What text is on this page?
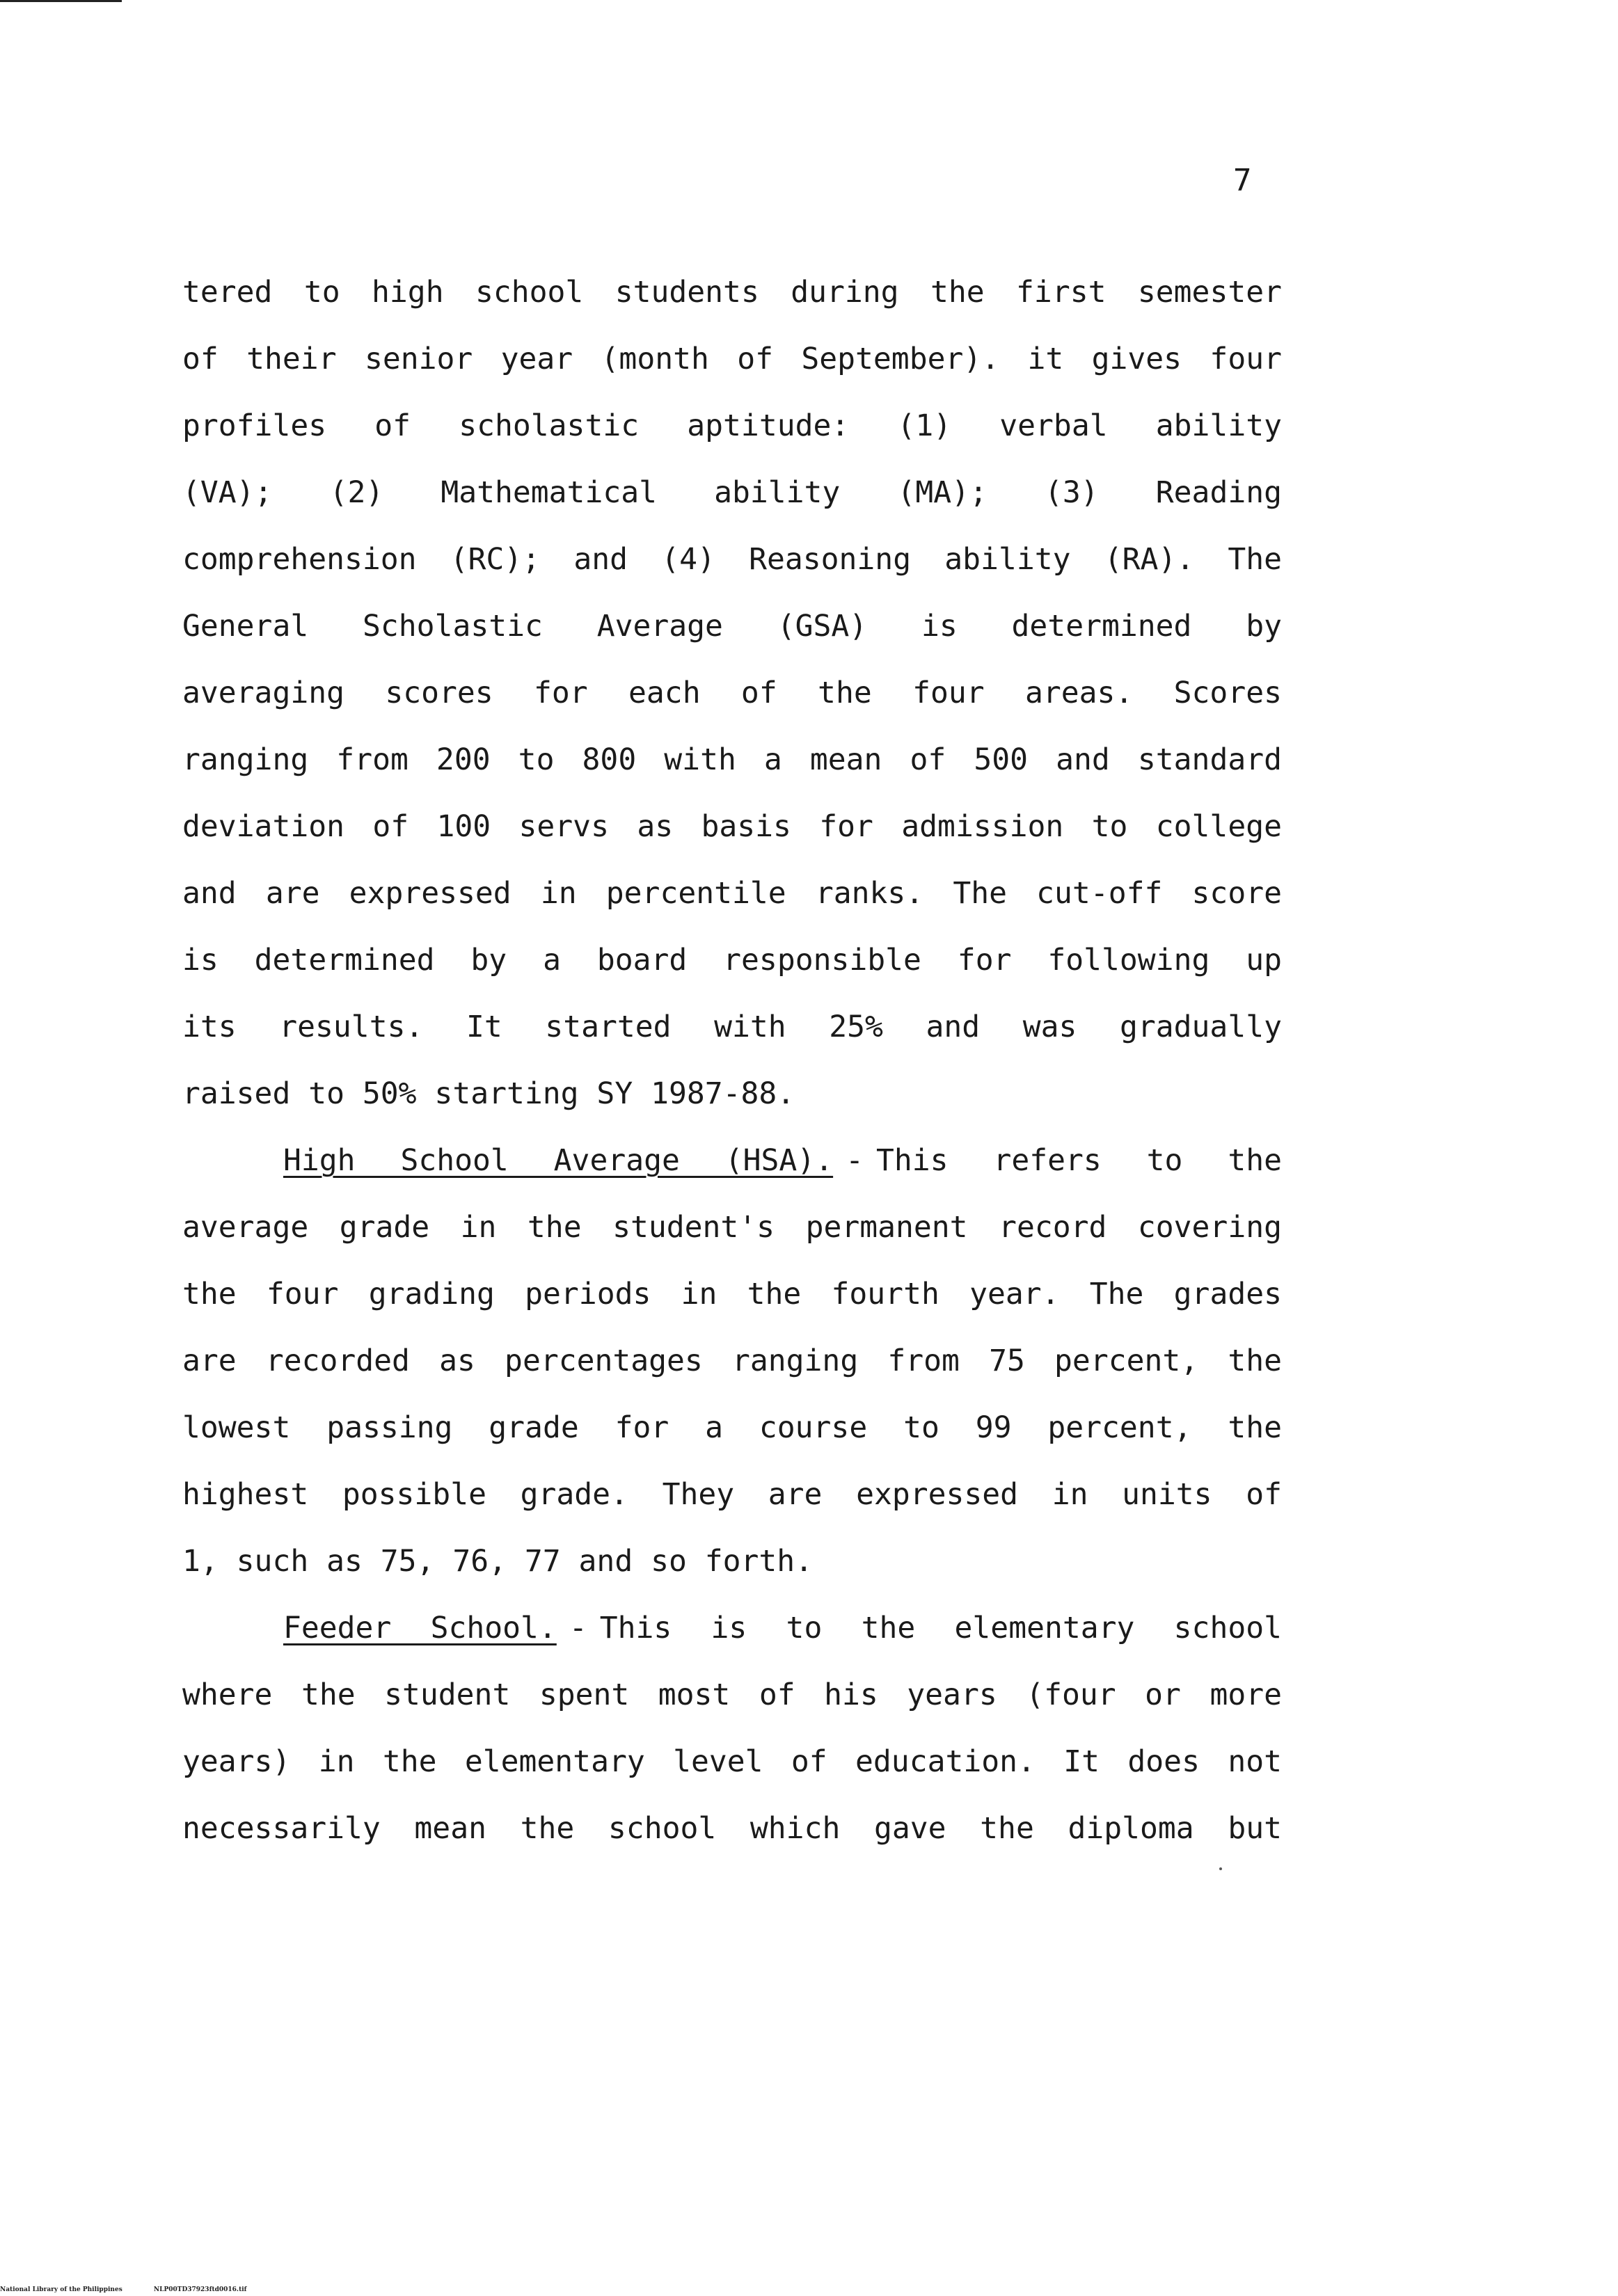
7
tered to high school students during the first semester
of their senior year (month of September). it gives four
profiles of scholastic aptitude: (1) verbal ability
(VA); (2) Mathematical ability (MA); (3) Reading
comprehension (RC); and (4) Reasoning ability (RA). The
General Scholastic Average (GSA) is determined by
averaging scores for each of the four areas. Scores
ranging from 200 to 800 with a mean of 500 and standard
deviation of 100 servs as basis for admission to college
and are expressed in percentile ranks. The cut-off score
is determined by a board responsible for following up
its results. It started with 25% and was gradually
raised to 50% starting SY 1987-88.
High School Average (HSA). - This refers to the
average grade in the student's permanent record covering
the four grading periods in the fourth year. The grades
are recorded as percentages ranging from 75 percent, the
lowest passing grade for a course to 99 percent, the
highest possible grade. They are expressed in units of
1, such as 75, 76, 77 and so forth.
Feeder School. - This is to the elementary school
where the student spent most of his years (four or more
years) in the elementary level of education. It does not
necessarily mean the school which gave the diploma but
National Library of the Philippines	NLP00TD37923ftd0016.tif
